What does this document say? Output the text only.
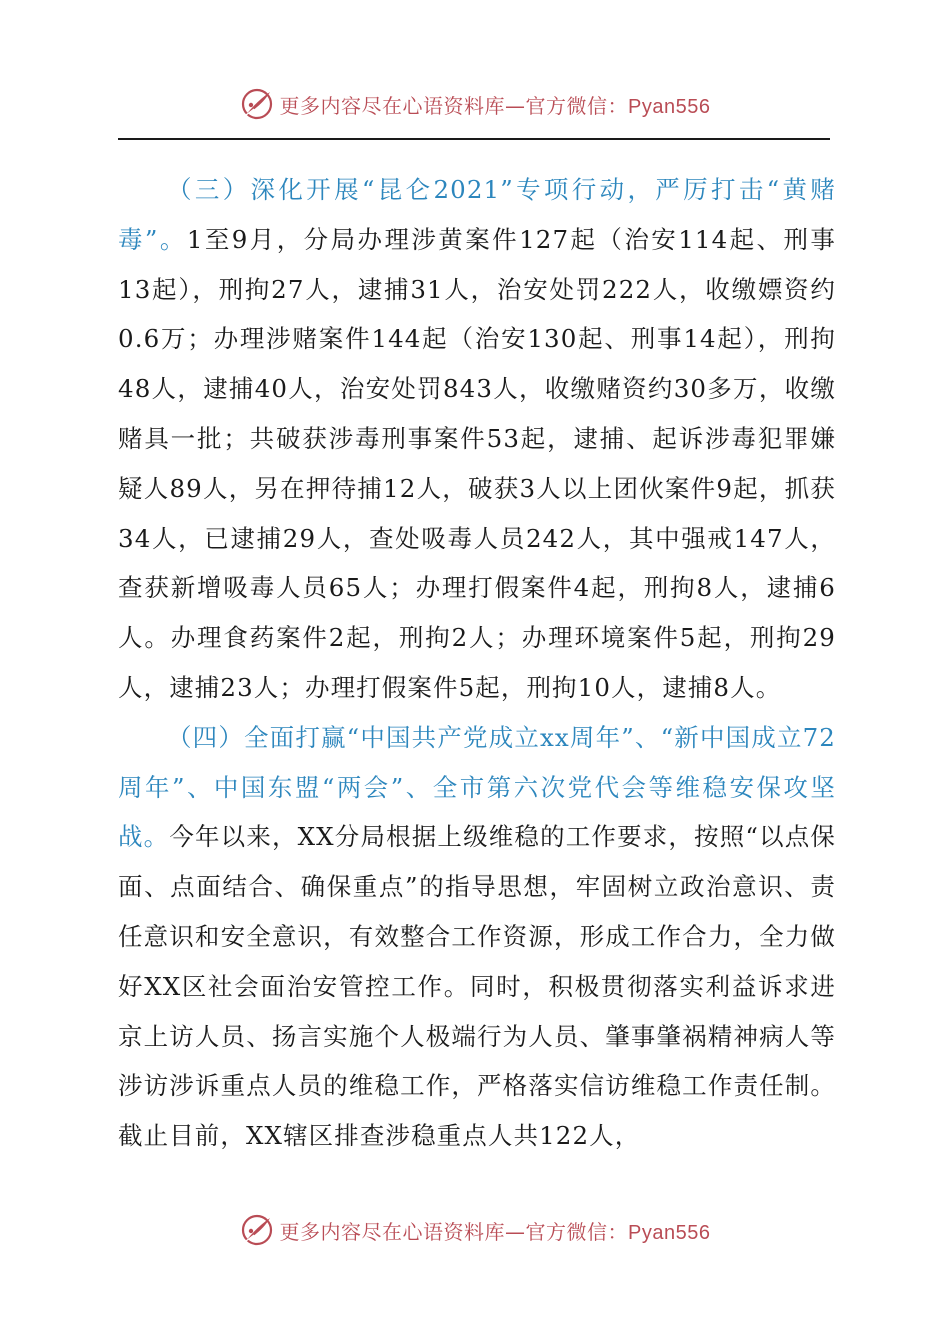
更多内容尽在心语资料库—官方微信：Pyan556

（三）深化开展“昆仑2021”专项行动，严厉打击“黄赌毒”。1至9月，分局办理涉黄案件127起（治安114起、刑事13起），刑拘27人，逮捕31人，治安处罚222人，收缴嫖资约0.6万；办理涉赌案件144起（治安130起、刑事14起），刑拘48人，逮捕40人，治安处罚843人，收缴赌资约30多万，收缴赌具一批；共破获涉毒刑事案件53起，逮捕、起诉涉毒犯罪嫌疑人89人，另在押待捕12人，破获3人以上团伙案件9起，抓获34人，已逮捕29人，查处吸毒人员242人，其中强戒147人，查获新增吸毒人员65人；办理打假案件4起，刑拘8人，逮捕6人。办理食药案件2起，刑拘2人；办理环境案件5起，刑拘29人，逮捕23人；办理打假案件5起，刑拘10人，逮捕8人。

（四）全面打赢“中国共产党成立xx周年”、“新中国成立72周年”、中国东盟“两会”、全市第六次党代会等维稳安保攻坚战。今年以来，XX分局根据上级维稳的工作要求，按照“以点保面、点面结合、确保重点”的指导思想，牢固树立政治意识、责任意识和安全意识，有效整合工作资源，形成工作合力，全力做好XX区社会面治安管控工作。同时，积极贯彻落实利益诉求进京上访人员、扬言实施个人极端行为人员、肇事肇祸精神病人等涉访涉诉重点人员的维稳工作，严格落实信访维稳工作责任制。截止目前，XX辖区排查涉稳重点人共122人，

更多内容尽在心语资料库—官方微信：Pyan556
